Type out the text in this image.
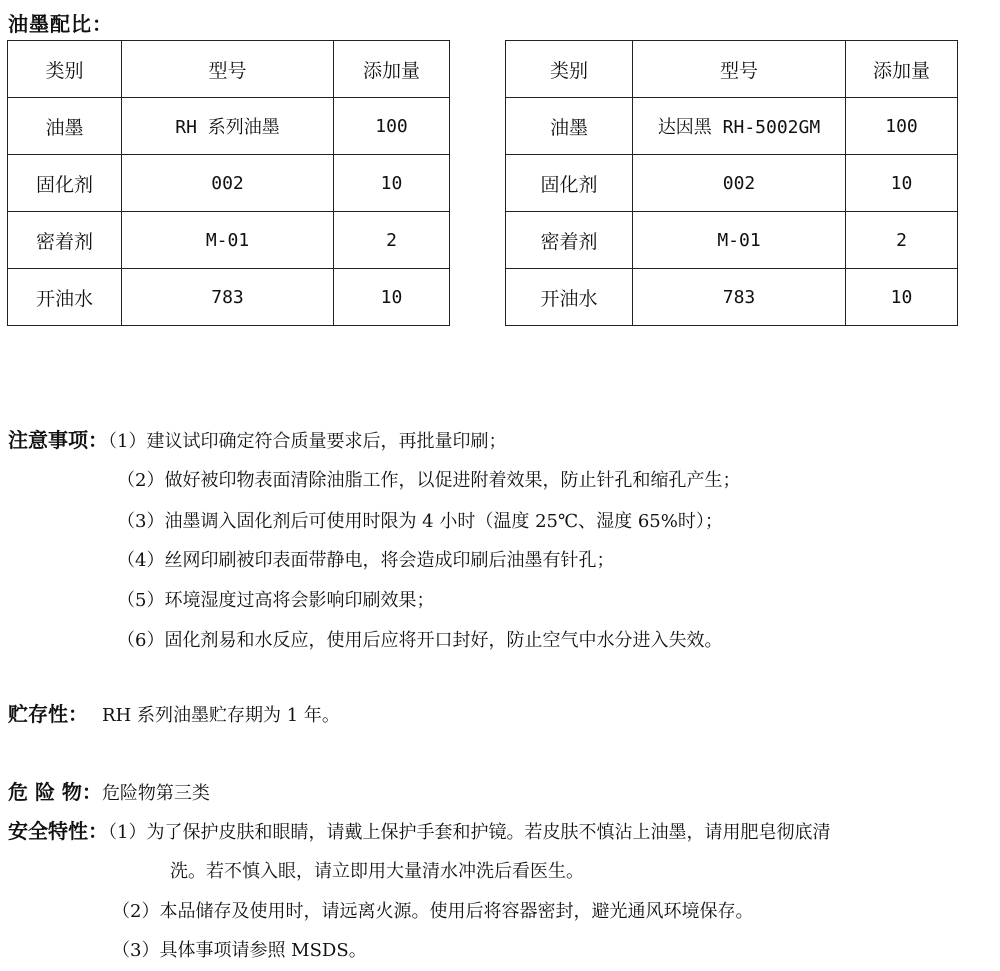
油墨配比：
类别	型号	添加量
油墨	RH 系列油墨	100
固化剂	002	10
密着剂	M-01	2
开油水	783	10
类别	型号	添加量
油墨	达因黑 RH-5002GM	100
固化剂	002	10
密着剂	M-01	2
开油水	783	10
注意事项：（1）建议试印确定符合质量要求后，再批量印刷；
（2）做好被印物表面清除油脂工作，以促进附着效果，防止针孔和缩孔产生；
（3）油墨调入固化剂后可使用时限为 4 小时（温度 25℃、湿度 65%时）；
（4）丝网印刷被印表面带静电，将会造成印刷后油墨有针孔；
（5）环境湿度过高将会影响印刷效果；
（6）固化剂易和水反应，使用后应将开口封好，防止空气中水分进入失效。
贮存性： RH 系列油墨贮存期为 1 年。
危 险 物：危险物第三类
安全特性：（1）为了保护皮肤和眼睛，请戴上保护手套和护镜。若皮肤不慎沾上油墨，请用肥皂彻底清
洗。若不慎入眼，请立即用大量清水冲洗后看医生。
（2）本品储存及使用时，请远离火源。使用后将容器密封，避光通风环境保存。
（3）具体事项请参照 MSDS。
